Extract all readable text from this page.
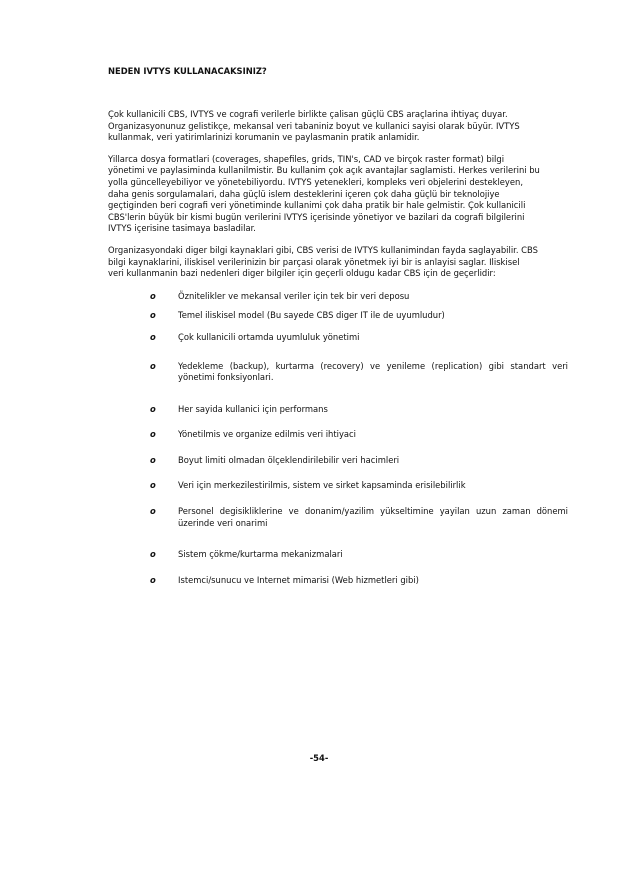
NEDEN IVTYS KULLANACAKSINIZ?
Çok kullanicili CBS, IVTYS ve cografi verilerle birlikte çalisan güçlü CBS araçlarina ihtiyaç duyar.
Organizasyonunuz gelistikçe, mekansal veri tabaniniz boyut ve kullanici sayisi olarak büyür. IVTYS
kullanmak, veri yatirimlarinizi korumanin ve paylasmanin pratik anlamidir.
Yillarca dosya formatlari (coverages, shapefiles, grids, TIN's, CAD ve birçok raster format) bilgi
yönetimi ve paylasiminda kullanilmistir. Bu kullanim çok açık avantajlar saglamisti. Herkes verilerini bu
yolla güncelleyebiliyor ve yönetebiliyordu. IVTYS yetenekleri, kompleks veri objelerini destekleyen,
daha genis sorgulamalari, daha güçlü islem desteklerini içeren çok daha güçlü bir teknolojiye
geçtiginden beri cografi veri yönetiminde kullanimi çok daha pratik bir hale gelmistir. Çok kullanicili
CBS'lerin büyük bir kismi bugün verilerini IVTYS içerisinde yönetiyor ve bazilari da cografi bilgilerini
IVTYS içerisine tasimaya basladilar.
Organizasyondaki diger bilgi kaynaklari gibi, CBS verisi de IVTYS kullanimindan fayda saglayabilir. CBS
bilgi kaynaklarini, iliskisel verilerinizin bir parçasi olarak yönetmek iyi bir is anlayisi saglar. Iliskisel
veri kullanmanin bazi nedenleri diger bilgiler için geçerli oldugu kadar CBS için de geçerlidir:
o	Öznitelikler ve mekansal veriler için tek bir veri deposu
o	Temel iliskisel model (Bu sayede CBS diger IT ile de uyumludur)
o	Çok kullanicili ortamda uyumluluk yönetimi
o	Yedekleme (backup), kurtarma (recovery) ve yenileme (replication) gibi standart veri yönetimi fonksiyonlari.
o	Her sayida kullanici için performans
o	Yönetilmis ve organize edilmis veri ihtiyaci
o	Boyut limiti olmadan ölçeklendirilebilir veri hacimleri
o	Veri için merkezilestirilmis, sistem ve sirket kapsaminda erisilebilirlik
o	Personel degisikliklerine ve donanim/yazilim yükseltimine yayilan uzun zaman dönemi üzerinde veri onarimi
o	Sistem çökme/kurtarma mekanizmalari
o	Istemci/sunucu ve Internet mimarisi (Web hizmetleri gibi)
-54-
